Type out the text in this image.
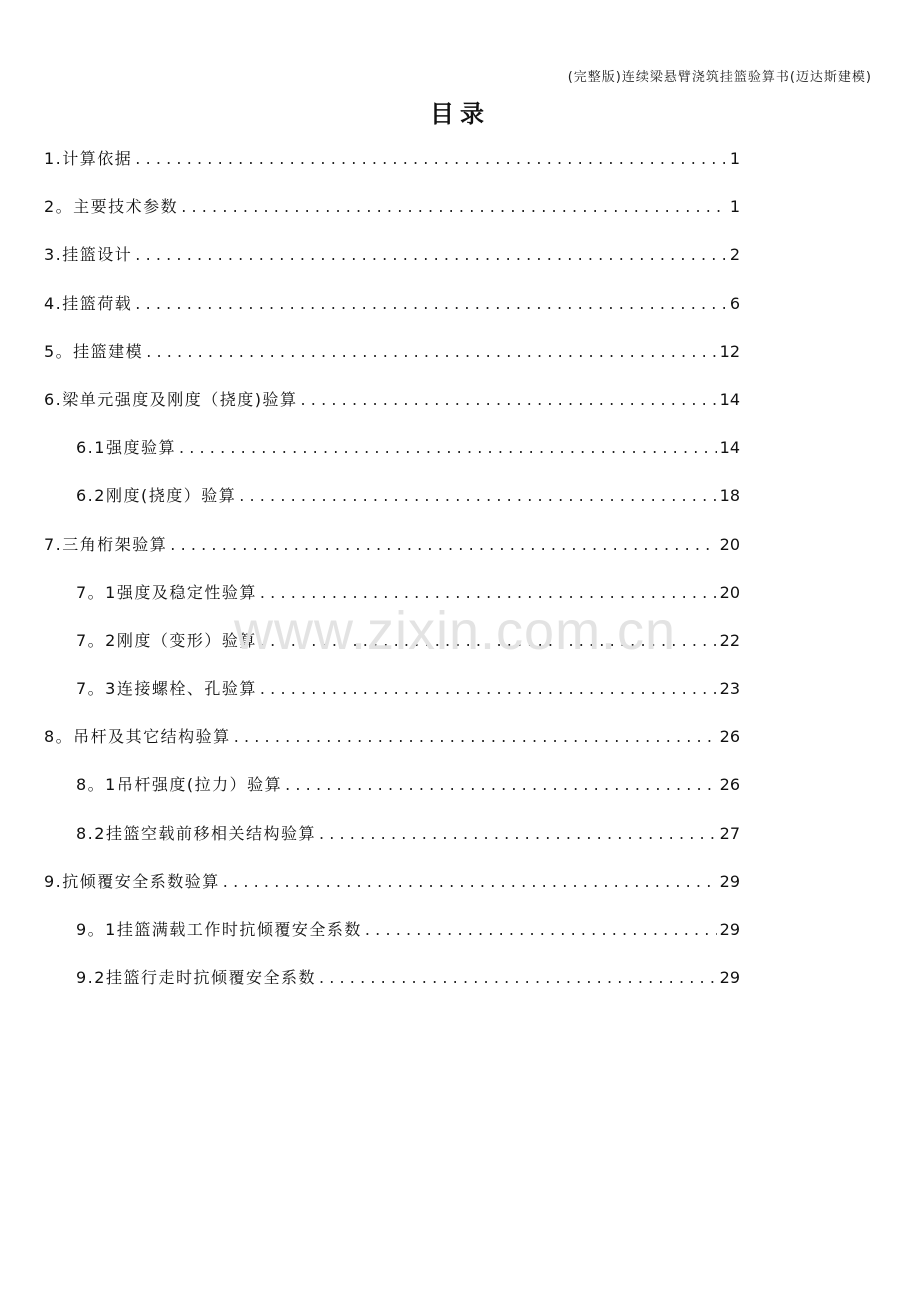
(完整版)连续梁悬臂浇筑挂篮验算书(迈达斯建模)
目录
1.计算依据 .....	1
2。主要技术参数 .....	1
3.挂篮设计 .....	2
4.挂篮荷载 .....	6
5。挂篮建模 .....	12
6.梁单元强度及刚度（挠度)验算 .....	14
6.1强度验算 .....	14
6.2刚度(挠度）验算 .....	18
7.三角桁架验算 .....	20
7。1强度及稳定性验算 .....	20
7。2刚度（变形）验算 .....	22
7。3连接螺栓、孔验算 .....	23
8。吊杆及其它结构验算 .....	26
8。1吊杆强度(拉力）验算 .....	26
8.2挂篮空载前移相关结构验算 .....	27
9.抗倾覆安全系数验算 .....	29
9。1挂篮满载工作时抗倾覆安全系数 .....	29
9.2挂篮行走时抗倾覆安全系数 .....	29
www.zixin.com.cn
